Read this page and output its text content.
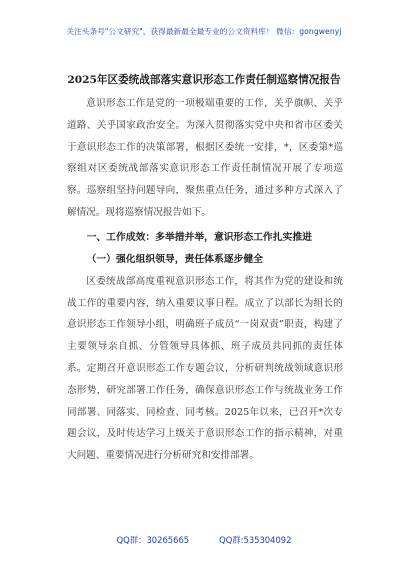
关注头条号"公文研究"，获得最新最全最专业的公文资料库！ 微信：gongwenyj
2025年区委统战部落实意识形态工作责任制巡察情况报告

意识形态工作是党的一项极端重要的工作，关乎旗帜、关乎道路、关乎国家政治安全。为深入贯彻落实党中央和省市区委关于意识形态工作的决策部署，根据区委统一安排，*，区委第*巡察组对区委统战部落实意识形态工作责任制情况开展了专项巡察。巡察组坚持问题导向，聚焦重点任务，通过多种方式深入了解情况。现将巡察情况报告如下。

一、工作成效：多举措并举，意识形态工作扎实推进

（一）强化组织领导，责任体系逐步健全

区委统战部高度重视意识形态工作，将其作为党的建设和统战工作的重要内容，纳入重要议事日程。成立了以部长为组长的意识形态工作领导小组，明确班子成员“一岗双责”职责，构建了主要领导亲自抓、分管领导具体抓、班子成员共同抓的责任体系。定期召开意识形态工作专题会议，分析研判统战领域意识形态形势，研究部署工作任务，确保意识形态工作与统战业务工作同部署、同落实、同检查、同考核。2025年以来，已召开*次专题会议，及时传达学习上级关于意识形态工作的指示精神，对重大问题、重要情况进行分析研究和安排部署。

QQ群：30265665	QQ群:535304092
